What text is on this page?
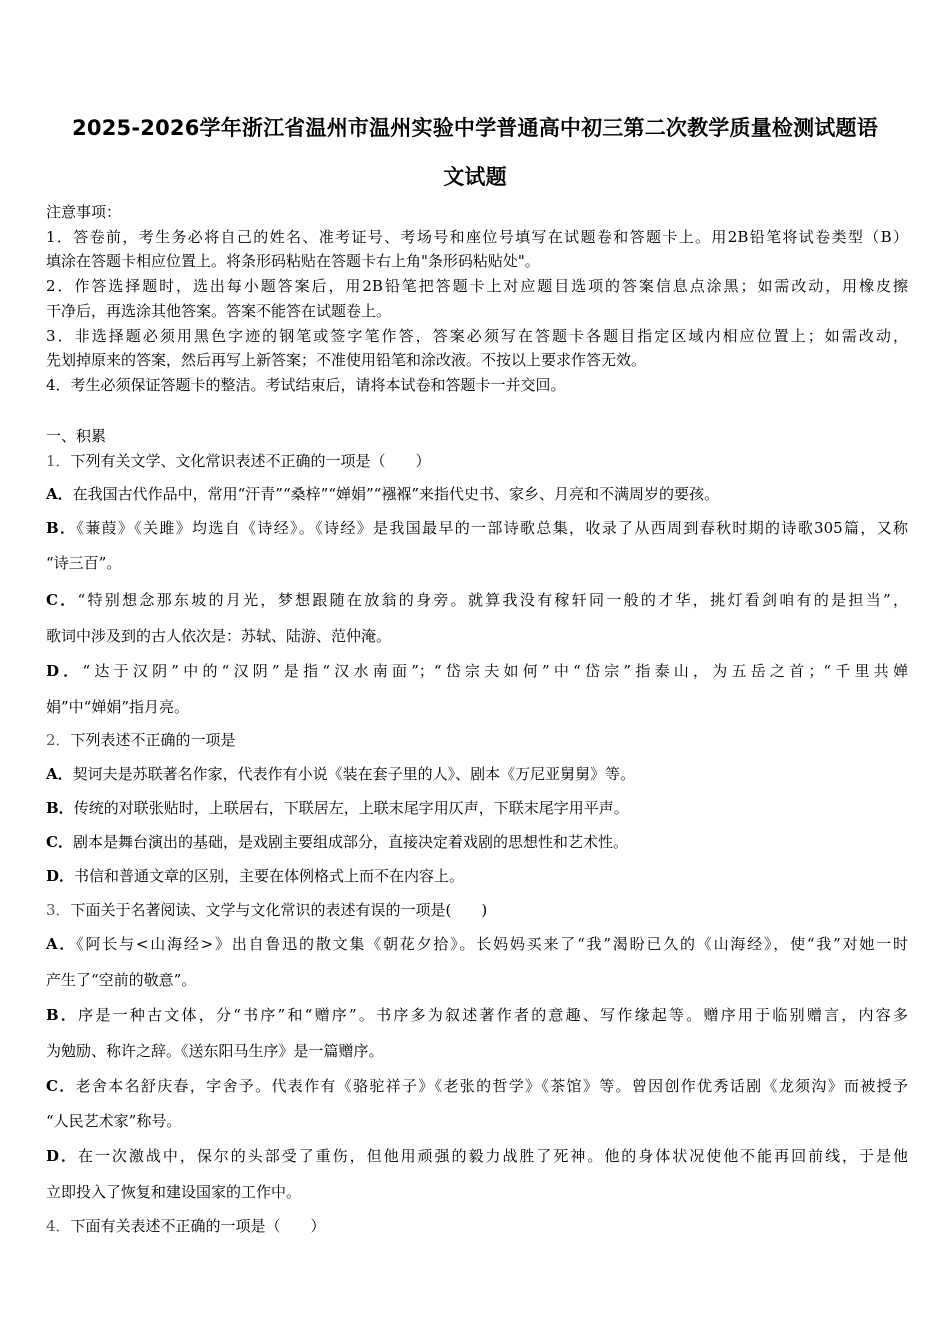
2025-2026学年浙江省温州市温州实验中学普通高中初三第二次教学质量检测试题语
文试题
注意事项：
1．答卷前，考生务必将自己的姓名、准考证号、考场号和座位号填写在试题卷和答题卡上。用2B铅笔将试卷类型（B）
填涂在答题卡相应位置上。将条形码粘贴在答题卡右上角"条形码粘贴处"。
2．作答选择题时，选出每小题答案后，用2B铅笔把答题卡上对应题目选项的答案信息点涂黑；如需改动，用橡皮擦
干净后，再选涂其他答案。答案不能答在试题卷上。
3．非选择题必须用黑色字迹的钢笔或签字笔作答，答案必须写在答题卡各题目指定区域内相应位置上；如需改动，
先划掉原来的答案，然后再写上新答案；不准使用铅笔和涂改液。不按以上要求作答无效。
4．考生必须保证答题卡的整洁。考试结束后，请将本试卷和答题卡一并交回。
一、积累
1．下列有关文学、文化常识表述不正确的一项是（　　）
A．在我国古代作品中，常用“汗青”“桑梓”“婵娟”“襁褓”来指代史书、家乡、月亮和不满周岁的要孩。
B．《蒹葭》《关雎》均选自《诗经》。《诗经》是我国最早的一部诗歌总集，收录了从西周到春秋时期的诗歌305篇，又称
“诗三百”。
C．“特别想念那东坡的月光，梦想跟随在放翁的身旁。就算我没有稼轩同一般的才华，挑灯看剑咱有的是担当”，
歌词中涉及到的古人依次是：苏轼、陆游、范仲淹。
D．“达于汉阴”中的“汉阴”是指“汉水南面”；“岱宗夫如何”中“岱宗”指泰山，为五岳之首；“千里共婵
娟”中“婵娟”指月亮。
2．下列表述不正确的一项是
A．契诃夫是苏联著名作家，代表作有小说《装在套子里的人》、剧本《万尼亚舅舅》等。
B．传统的对联张贴时，上联居右，下联居左，上联末尾字用仄声，下联末尾字用平声。
C．剧本是舞台演出的基础，是戏剧主要组成部分，直接决定着戏剧的思想性和艺术性。
D．书信和普通文章的区别，主要在体例格式上而不在内容上。
3．下面关于名著阅读、文学与文化常识的表述有误的一项是(　　)
A．《阿长与<山海经>》出自鲁迅的散文集《朝花夕拾》。长妈妈买来了“我”渴盼已久的《山海经》，使“我”对她一时
产生了“空前的敬意”。
B．序是一种古文体，分“书序”和“赠序”。书序多为叙述著作者的意趣、写作缘起等。赠序用于临别赠言，内容多
为勉励、称许之辞。《送东阳马生序》是一篇赠序。
C．老舍本名舒庆春，字舍予。代表作有《骆驼祥子》《老张的哲学》《茶馆》等。曾因创作优秀话剧《龙须沟》而被授予
“人民艺术家”称号。
D．在一次激战中，保尔的头部受了重伤，但他用顽强的毅力战胜了死神。他的身体状况使他不能再回前线，于是他
立即投入了恢复和建设国家的工作中。
4．下面有关表述不正确的一项是（　　）
